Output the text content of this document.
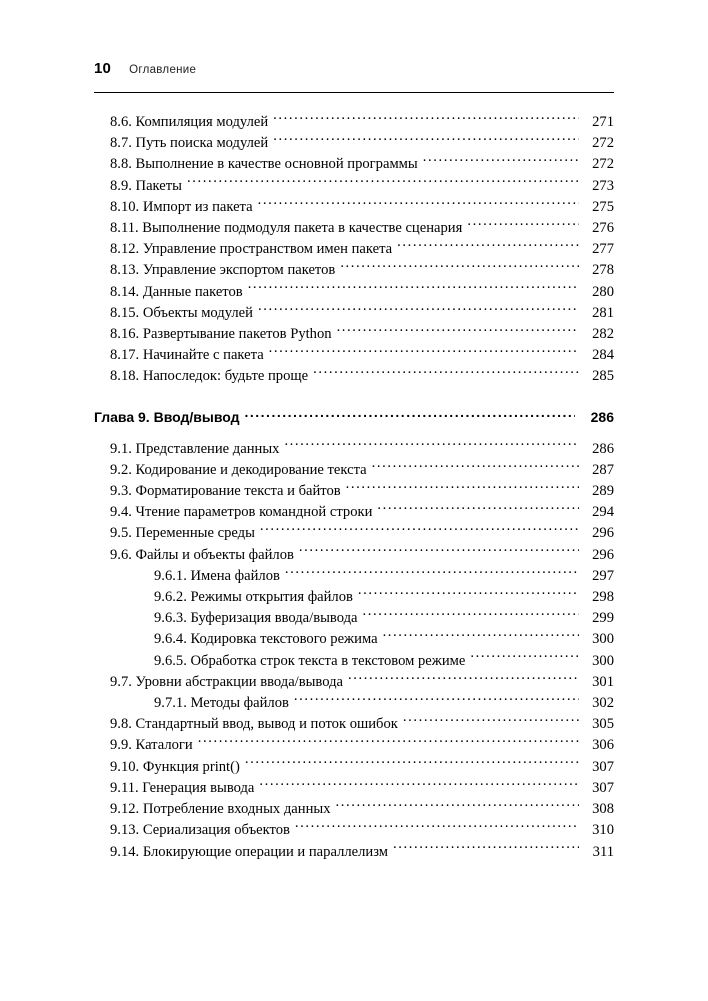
10 Оглавление
8.6. Компиляция модулей .....	271
8.7. Путь поиска модулей .....	272
8.8. Выполнение в качестве основной программы .....	272
8.9. Пакеты .....	273
8.10. Импорт из пакета .....	275
8.11. Выполнение подмодуля пакета в качестве сценария .....	276
8.12. Управление пространством имен пакета .....	277
8.13. Управление экспортом пакетов .....	278
8.14. Данные пакетов .....	280
8.15. Объекты модулей .....	281
8.16. Развертывание пакетов Python .....	282
8.17. Начинайте с пакета .....	284
8.18. Напоследок: будьте проще .....	285
Глава 9. Ввод/вывод .....	286
9.1. Представление данных .....	286
9.2. Кодирование и декодирование текста .....	287
9.3. Форматирование текста и байтов .....	289
9.4. Чтение параметров командной строки .....	294
9.5. Переменные среды .....	296
9.6. Файлы и объекты файлов .....	296
9.6.1. Имена файлов .....	297
9.6.2. Режимы открытия файлов .....	298
9.6.3. Буферизация ввода/вывода .....	299
9.6.4. Кодировка текстового режима .....	300
9.6.5. Обработка строк текста в текстовом режиме .....	300
9.7. Уровни абстракции ввода/вывода .....	301
9.7.1. Методы файлов .....	302
9.8. Стандартный ввод, вывод и поток ошибок .....	305
9.9. Каталоги .....	306
9.10. Функция print() .....	307
9.11. Генерация вывода .....	307
9.12. Потребление входных данных .....	308
9.13. Сериализация объектов .....	310
9.14. Блокирующие операции и параллелизм .....	311
